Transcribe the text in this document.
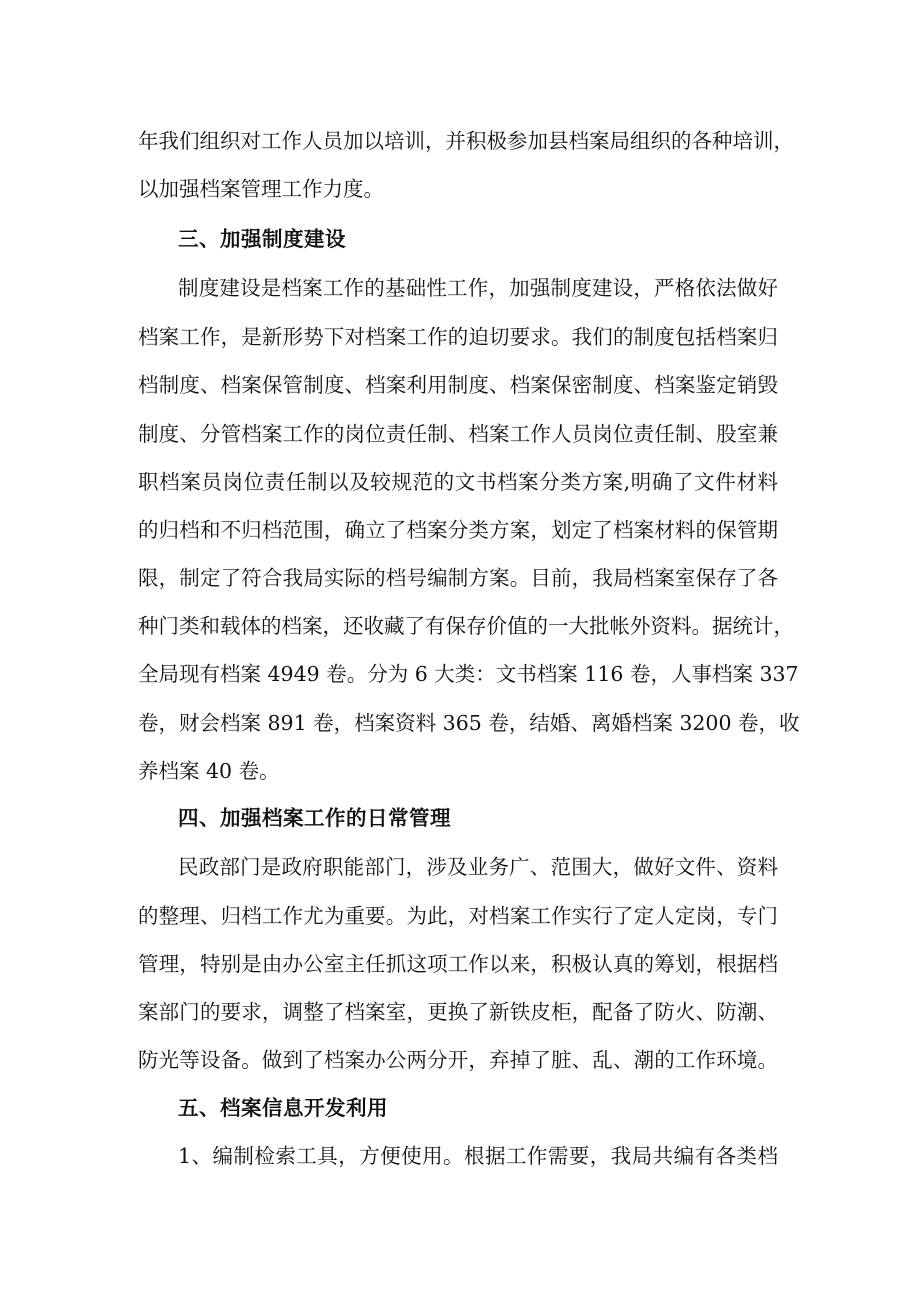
年我们组织对工作人员加以培训，并积极参加县档案局组织的各种培训，
以加强档案管理工作力度。
三、加强制度建设
制度建设是档案工作的基础性工作，加强制度建设，严格依法做好
档案工作，是新形势下对档案工作的迫切要求。我们的制度包括档案归
档制度、档案保管制度、档案利用制度、档案保密制度、档案鉴定销毁
制度、分管档案工作的岗位责任制、档案工作人员岗位责任制、股室兼
职档案员岗位责任制以及较规范的文书档案分类方案,明确了文件材料
的归档和不归档范围，确立了档案分类方案，划定了档案材料的保管期
限，制定了符合我局实际的档号编制方案。目前，我局档案室保存了各
种门类和载体的档案，还收藏了有保存价值的一大批帐外资料。据统计，
全局现有档案 4949 卷。分为 6 大类：文书档案 116 卷，人事档案 337
卷，财会档案 891 卷，档案资料 365 卷，结婚、离婚档案 3200 卷，收
养档案 40 卷。
四、加强档案工作的日常管理
民政部门是政府职能部门，涉及业务广、范围大，做好文件、资料
的整理、归档工作尤为重要。为此，对档案工作实行了定人定岗，专门
管理，特别是由办公室主任抓这项工作以来，积极认真的筹划，根据档
案部门的要求，调整了档案室，更换了新铁皮柜，配备了防火、防潮、
防光等设备。做到了档案办公两分开，弃掉了脏、乱、潮的工作环境。
五、档案信息开发利用
1、编制检索工具，方便使用。根据工作需要，我局共编有各类档
